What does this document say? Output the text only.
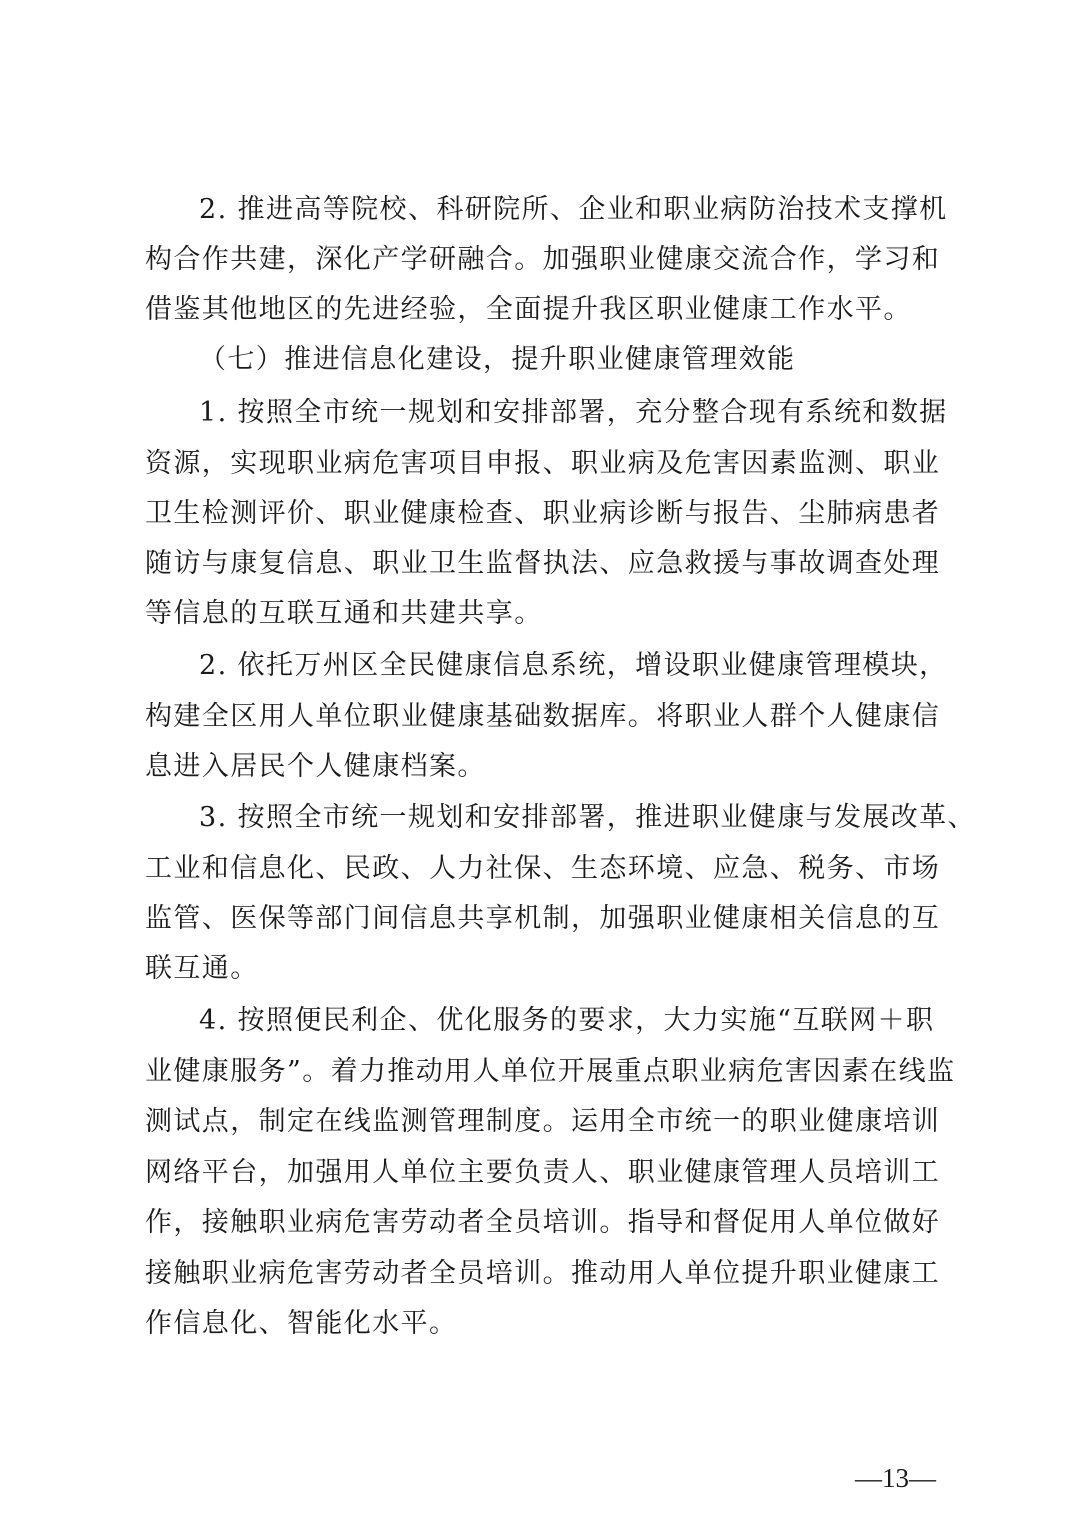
2. 推进高等院校、科研院所、企业和职业病防治技术支撑机
构合作共建，深化产学研融合。加强职业健康交流合作，学习和
借鉴其他地区的先进经验，全面提升我区职业健康工作水平。
（七）推进信息化建设，提升职业健康管理效能
1. 按照全市统一规划和安排部署，充分整合现有系统和数据
资源，实现职业病危害项目申报、职业病及危害因素监测、职业
卫生检测评价、职业健康检查、职业病诊断与报告、尘肺病患者
随访与康复信息、职业卫生监督执法、应急救援与事故调查处理
等信息的互联互通和共建共享。
2. 依托万州区全民健康信息系统，增设职业健康管理模块，
构建全区用人单位职业健康基础数据库。将职业人群个人健康信
息进入居民个人健康档案。
3. 按照全市统一规划和安排部署，推进职业健康与发展改革、
工业和信息化、民政、人力社保、生态环境、应急、税务、市场
监管、医保等部门间信息共享机制，加强职业健康相关信息的互
联互通。
4. 按照便民利企、优化服务的要求，大力实施“互联网＋职
业健康服务”。着力推动用人单位开展重点职业病危害因素在线监
测试点，制定在线监测管理制度。运用全市统一的职业健康培训
网络平台，加强用人单位主要负责人、职业健康管理人员培训工
作，接触职业病危害劳动者全员培训。指导和督促用人单位做好
接触职业病危害劳动者全员培训。推动用人单位提升职业健康工
作信息化、智能化水平。
—13—
